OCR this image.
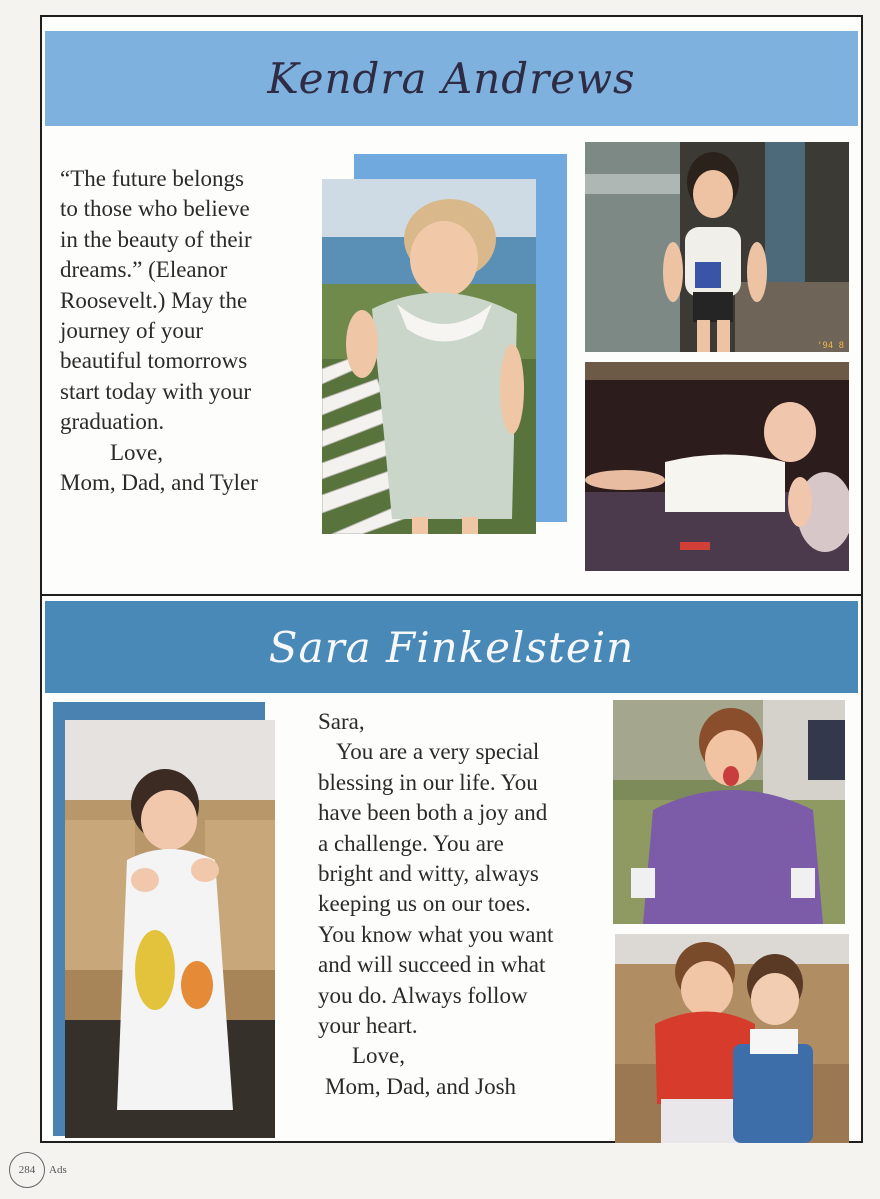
Kendra Andrews

“The future belongs

to those who believe

in the beauty of their

dreams.” (Eleanor

Roosevelt.) May the

journey of your

beautiful tomorrows

start today with your

graduation.

Love,

Mom, Dad, and Tyler

'94 8
Sara Finkelstein

Sara,

You are a very special

blessing in our life. You

have been both a joy and

a challenge. You are

bright and witty, always

keeping us on our toes.

You know what you want

and will succeed in what

you do. Always follow

your heart.

Love,

Mom, Dad, and Josh

284 Ads
